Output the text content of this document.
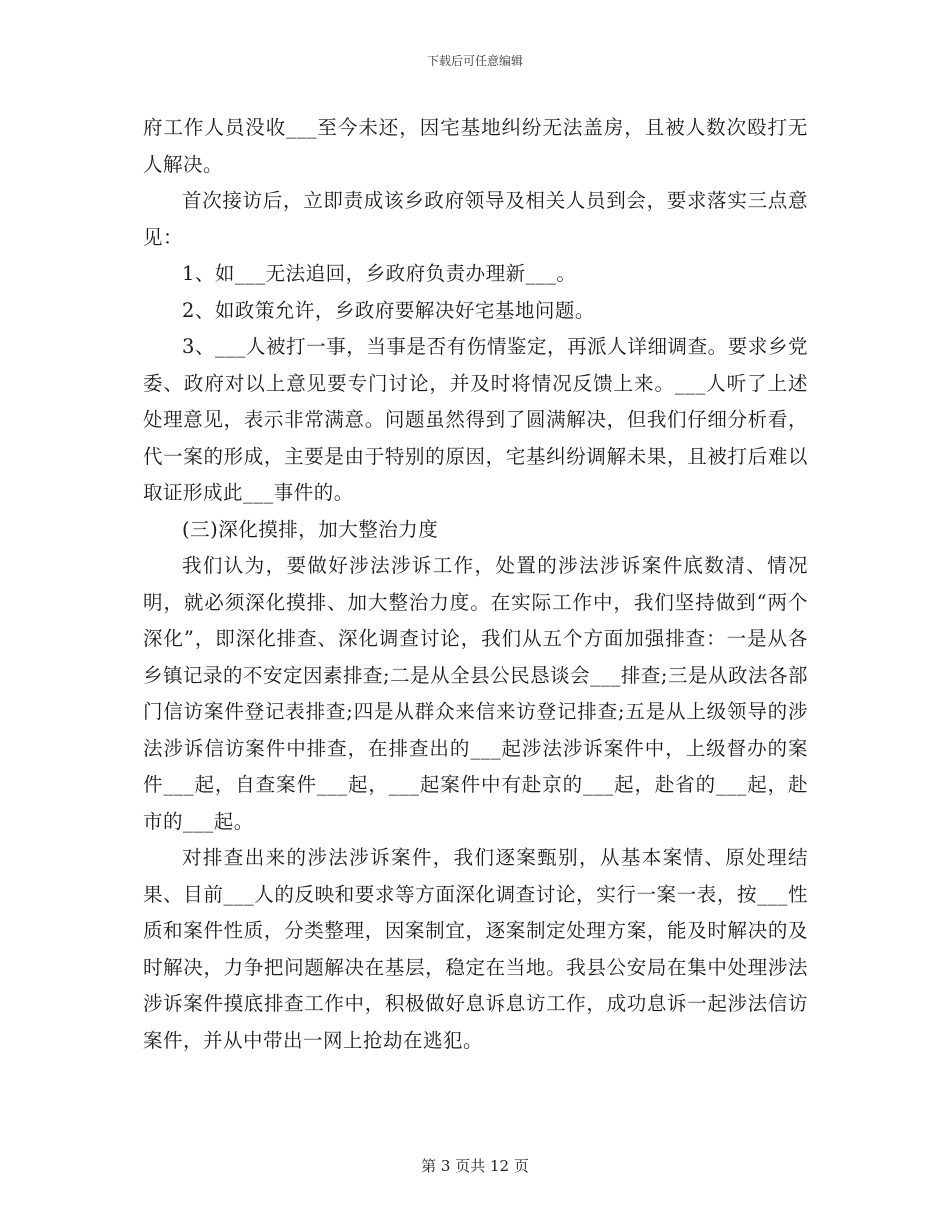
下载后可任意编辑

府工作人员没收___至今未还，因宅基地纠纷无法盖房，且被人数次殴打无人解决。

首次接访后，立即责成该乡政府领导及相关人员到会，要求落实三点意见：

1、如___无法追回，乡政府负责办理新___。

2、如政策允许，乡政府要解决好宅基地问题。

3、___人被打一事，当事是否有伤情鉴定，再派人详细调查。要求乡党委、政府对以上意见要专门讨论，并及时将情况反馈上来。___人听了上述处理意见，表示非常满意。问题虽然得到了圆满解决，但我们仔细分析看，代一案的形成，主要是由于特别的原因，宅基纠纷调解未果，且被打后难以取证形成此___事件的。

(三)深化摸排，加大整治力度

我们认为，要做好涉法涉诉工作，处置的涉法涉诉案件底数清、情况明，就必须深化摸排、加大整治力度。在实际工作中，我们坚持做到“两个深化”，即深化排查、深化调查讨论，我们从五个方面加强排查：一是从各乡镇记录的不安定因素排查;二是从全县公民恳谈会___排查;三是从政法各部门信访案件登记表排查;四是从群众来信来访登记排查;五是从上级领导的涉法涉诉信访案件中排查，在排查出的___起涉法涉诉案件中，上级督办的案件___起，自查案件___起，___起案件中有赴京的___起，赴省的___起，赴市的___起。

对排查出来的涉法涉诉案件，我们逐案甄别，从基本案情、原处理结果、目前___人的反映和要求等方面深化调查讨论，实行一案一表，按___性质和案件性质，分类整理，因案制宜，逐案制定处理方案，能及时解决的及时解决，力争把问题解决在基层，稳定在当地。我县公安局在集中处理涉法涉诉案件摸底排查工作中，积极做好息诉息访工作，成功息诉一起涉法信访案件，并从中带出一网上抢劫在逃犯。

第 3 页共 12 页
